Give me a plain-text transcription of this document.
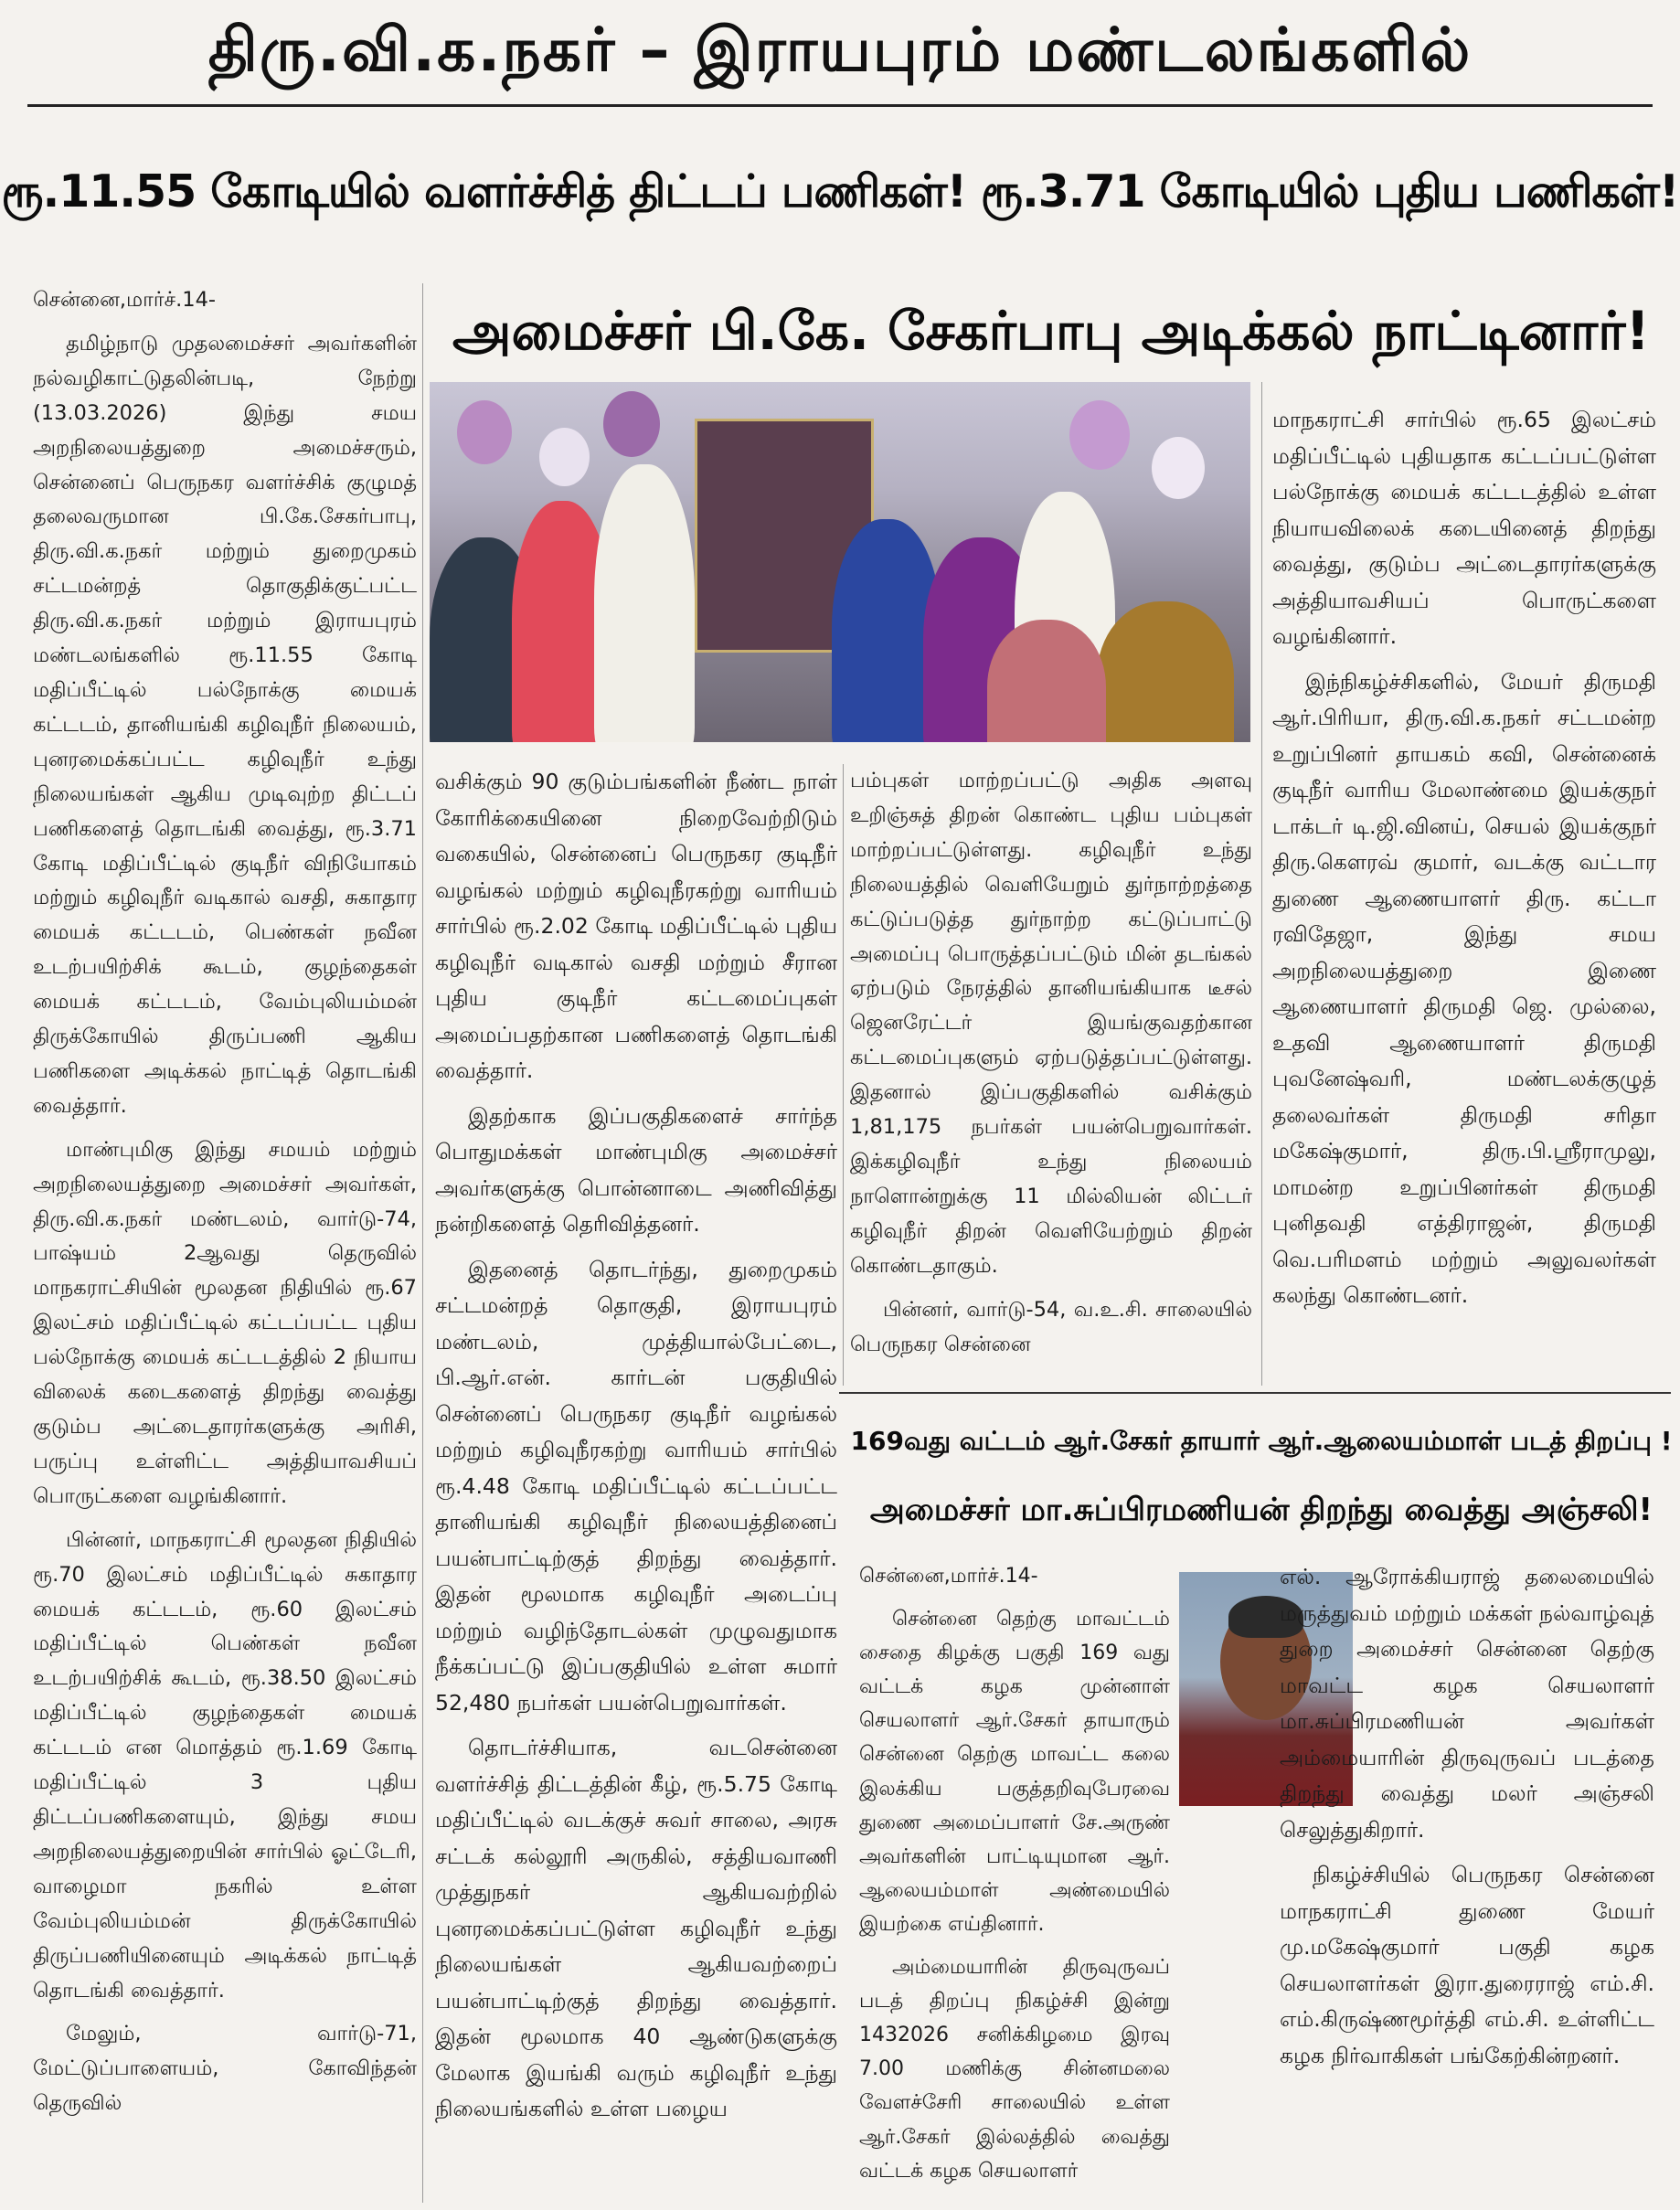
திரு.வி.க.நகர் – இராயபுரம் மண்டலங்களில்
ரூ.11.55 கோடியில் வளர்ச்சித் திட்டப் பணிகள்! ரூ.3.71 கோடியில் புதிய பணிகள்!
அமைச்சர் பி.கே. சேகர்பாபு அடிக்கல் நாட்டினார்!

சென்னை,மார்ச்.14-

தமிழ்நாடு முதலமைச்சர் அவர்களின் நல்வழிகாட்டுதலின்படி, நேற்று (13.03.2026) இந்து சமய அறநிலையத்துறை அமைச்சரும், சென்னைப் பெருநகர வளர்ச்சிக் குழுமத் தலைவருமான பி.கே.சேகர்பாபு, திரு.வி.க.நகர் மற்றும் துறைமுகம் சட்டமன்றத் தொகுதிக்குட்பட்ட திரு.வி.க.நகர் மற்றும் இராயபுரம் மண்டலங்களில் ரூ.11.55 கோடி மதிப்பீட்டில் பல்நோக்கு மையக் கட்டடம், தானியங்கி கழிவுநீர் நிலையம், புனரமைக்கப்பட்ட கழிவுநீர் உந்து நிலையங்கள் ஆகிய முடிவுற்ற திட்டப் பணிகளைத் தொடங்கி வைத்து, ரூ.3.71 கோடி மதிப்பீட்டில் குடிநீர் விநியோகம் மற்றும் கழிவுநீர் வடிகால் வசதி, சுகாதார மையக் கட்டடம், பெண்கள் நவீன உடற்பயிற்சிக் கூடம், குழந்தைகள் மையக் கட்டடம், வேம்புலியம்மன் திருக்கோயில் திருப்பணி ஆகிய பணிகளை அடிக்கல் நாட்டித் தொடங்கி வைத்தார்.

மாண்புமிகு இந்து சமயம் மற்றும் அறநிலையத்துறை அமைச்சர் அவர்கள், திரு.வி.க.நகர் மண்டலம், வார்டு-74, பாஷ்யம் 2ஆவது தெருவில் மாநகராட்சியின் மூலதன நிதியில் ரூ.67 இலட்சம் மதிப்பீட்டில் கட்டப்பட்ட புதிய பல்நோக்கு மையக் கட்டடத்தில் 2 நியாய விலைக் கடைகளைத் திறந்து வைத்து குடும்ப அட்டைதாரர்களுக்கு அரிசி, பருப்பு உள்ளிட்ட அத்தியாவசியப் பொருட்களை வழங்கினார்.

பின்னர், மாநகராட்சி மூலதன நிதியில் ரூ.70 இலட்சம் மதிப்பீட்டில் சுகாதார மையக் கட்டடம், ரூ.60 இலட்சம் மதிப்பீட்டில் பெண்கள் நவீன உடற்பயிற்சிக் கூடம், ரூ.38.50 இலட்சம் மதிப்பீட்டில் குழந்தைகள் மையக் கட்டடம் என மொத்தம் ரூ.1.69 கோடி மதிப்பீட்டில் 3 புதிய திட்டப்பணிகளையும், இந்து சமய அறநிலையத்துறையின் சார்பில் ஓட்டேரி, வாழைமா நகரில் உள்ள வேம்புலியம்மன் திருக்கோயில் திருப்பணியினையும் அடிக்கல் நாட்டித் தொடங்கி வைத்தார்.

மேலும், வார்டு-71, மேட்டுப்பாளையம், கோவிந்தன் தெருவில்

வசிக்கும் 90 குடும்பங்களின் நீண்ட நாள் கோரிக்கையினை நிறைவேற்றிடும் வகையில், சென்னைப் பெருநகர குடிநீர் வழங்கல் மற்றும் கழிவுநீரகற்று வாரியம் சார்பில் ரூ.2.02 கோடி மதிப்பீட்டில் புதிய கழிவுநீர் வடிகால் வசதி மற்றும் சீரான புதிய குடிநீர் கட்டமைப்புகள் அமைப்பதற்கான பணிகளைத் தொடங்கி வைத்தார்.

இதற்காக இப்பகுதிகளைச் சார்ந்த பொதுமக்கள் மாண்புமிகு அமைச்சர் அவர்களுக்கு பொன்னாடை அணிவித்து நன்றிகளைத் தெரிவித்தனர்.

இதனைத் தொடர்ந்து, துறைமுகம் சட்டமன்றத் தொகுதி, இராயபுரம் மண்டலம், முத்தியால்பேட்டை, பி.ஆர்.என். கார்டன் பகுதியில் சென்னைப் பெருநகர குடிநீர் வழங்கல் மற்றும் கழிவுநீரகற்று வாரியம் சார்பில் ரூ.4.48 கோடி மதிப்பீட்டில் கட்டப்பட்ட தானியங்கி கழிவுநீர் நிலையத்தினைப் பயன்பாட்டிற்குத் திறந்து வைத்தார். இதன் மூலமாக கழிவுநீர் அடைப்பு மற்றும் வழிந்தோடல்கள் முழுவதுமாக நீக்கப்பட்டு இப்பகுதியில் உள்ள சுமார் 52,480 நபர்கள் பயன்பெறுவார்கள்.

தொடர்ச்சியாக, வடசென்னை வளர்ச்சித் திட்டத்தின் கீழ், ரூ.5.75 கோடி மதிப்பீட்டில் வடக்குச் சுவர் சாலை, அரசு சட்டக் கல்லூரி அருகில், சத்தியவாணி முத்துநகர் ஆகியவற்றில் புனரமைக்கப்பட்டுள்ள கழிவுநீர் உந்து நிலையங்கள் ஆகியவற்றைப் பயன்பாட்டிற்குத் திறந்து வைத்தார். இதன் மூலமாக 40 ஆண்டுகளுக்கு மேலாக இயங்கி வரும் கழிவுநீர் உந்து நிலையங்களில் உள்ள பழைய

பம்புகள் மாற்றப்பட்டு அதிக அளவு உறிஞ்சுத் திறன் கொண்ட புதிய பம்புகள் மாற்றப்பட்டுள்ளது. கழிவுநீர் உந்து நிலையத்தில் வெளியேறும் துர்நாற்றத்தை கட்டுப்படுத்த துர்நாற்ற கட்டுப்பாட்டு அமைப்பு பொருத்தப்பட்டும் மின் தடங்கல் ஏற்படும் நேரத்தில் தானியங்கியாக டீசல் ஜெனரேட்டர் இயங்குவதற்கான கட்டமைப்புகளும் ஏற்படுத்தப்பட்டுள்ளது. இதனால் இப்பகுதிகளில் வசிக்கும் 1,81,175 நபர்கள் பயன்பெறுவார்கள். இக்கழிவுநீர் உந்து நிலையம் நாளொன்றுக்கு 11 மில்லியன் லிட்டர் கழிவுநீர் திறன் வெளியேற்றும் திறன் கொண்டதாகும்.

பின்னர், வார்டு-54, வ.உ.சி. சாலையில் பெருநகர சென்னை

மாநகராட்சி சார்பில் ரூ.65 இலட்சம் மதிப்பீட்டில் புதியதாக கட்டப்பட்டுள்ள பல்நோக்கு மையக் கட்டடத்தில் உள்ள நியாயவிலைக் கடையினைத் திறந்து வைத்து, குடும்ப அட்டைதாரர்களுக்கு அத்தியாவசியப் பொருட்களை வழங்கினார்.

இந்நிகழ்ச்சிகளில், மேயர் திருமதி ஆர்.பிரியா, திரு.வி.க.நகர் சட்டமன்ற உறுப்பினர் தாயகம் கவி, சென்னைக் குடிநீர் வாரிய மேலாண்மை இயக்குநர் டாக்டர் டி.ஜி.வினய், செயல் இயக்குநர் திரு.கௌரவ் குமார், வடக்கு வட்டார துணை ஆணையாளர் திரு. கட்டா ரவிதேஜா, இந்து சமய அறநிலையத்துறை இணை ஆணையாளர் திருமதி ஜெ. முல்லை, உதவி ஆணையாளர் திருமதி புவனேஷ்வரி, மண்டலக்குழுத் தலைவர்கள் திருமதி சரிதா மகேஷ்குமார், திரு.பி.ஸ்ரீராமுலு, மாமன்ற உறுப்பினர்கள் திருமதி புனிதவதி எத்திராஜன், திருமதி வெ.பரிமளம் மற்றும் அலுவலர்கள் கலந்து கொண்டனர்.

169வது வட்டம் ஆர்.சேகர் தாயார் ஆர்.ஆலையம்மாள் படத் திறப்பு !
அமைச்சர் மா.சுப்பிரமணியன் திறந்து வைத்து அஞ்சலி!

சென்னை,மார்ச்.14-

சென்னை தெற்கு மாவட்டம் சைதை கிழக்கு பகுதி 169 வது வட்டக் கழக முன்னாள் செயலாளர் ஆர்.சேகர் தாயாரும் சென்னை தெற்கு மாவட்ட கலை இலக்கிய பகுத்தறிவுபேரவை துணை அமைப்பாளர் சே.அருண் அவர்களின் பாட்டியுமான ஆர். ஆலையம்மாள் அண்மையில் இயற்கை எய்தினார்.

அம்மையாரின் திருவுருவப் படத் திறப்பு நிகழ்ச்சி இன்று 1432026 சனிக்கிழமை இரவு 7.00 மணிக்கு சின்னமலை வேளச்சேரி சாலையில் உள்ள ஆர்.சேகர் இல்லத்தில் வைத்து வட்டக் கழக செயலாளர்

எல். ஆரோக்கியராஜ் தலைமையில் மருத்துவம் மற்றும் மக்கள் நல்வாழ்வுத் துறை அமைச்சர் சென்னை தெற்கு மாவட்ட கழக செயலாளர் மா.சுப்பிரமணியன் அவர்கள் அம்மையாரின் திருவுருவப் படத்தை திறந்து வைத்து மலர் அஞ்சலி செலுத்துகிறார்.

நிகழ்ச்சியில் பெருநகர சென்னை மாநகராட்சி துணை மேயர் மு.மகேஷ்குமார் பகுதி கழக செயலாளர்கள் இரா.துரைராஜ் எம்.சி. எம்.கிருஷ்ணமூர்த்தி எம்.சி. உள்ளிட்ட கழக நிர்வாகிகள் பங்கேற்கின்றனர்.
